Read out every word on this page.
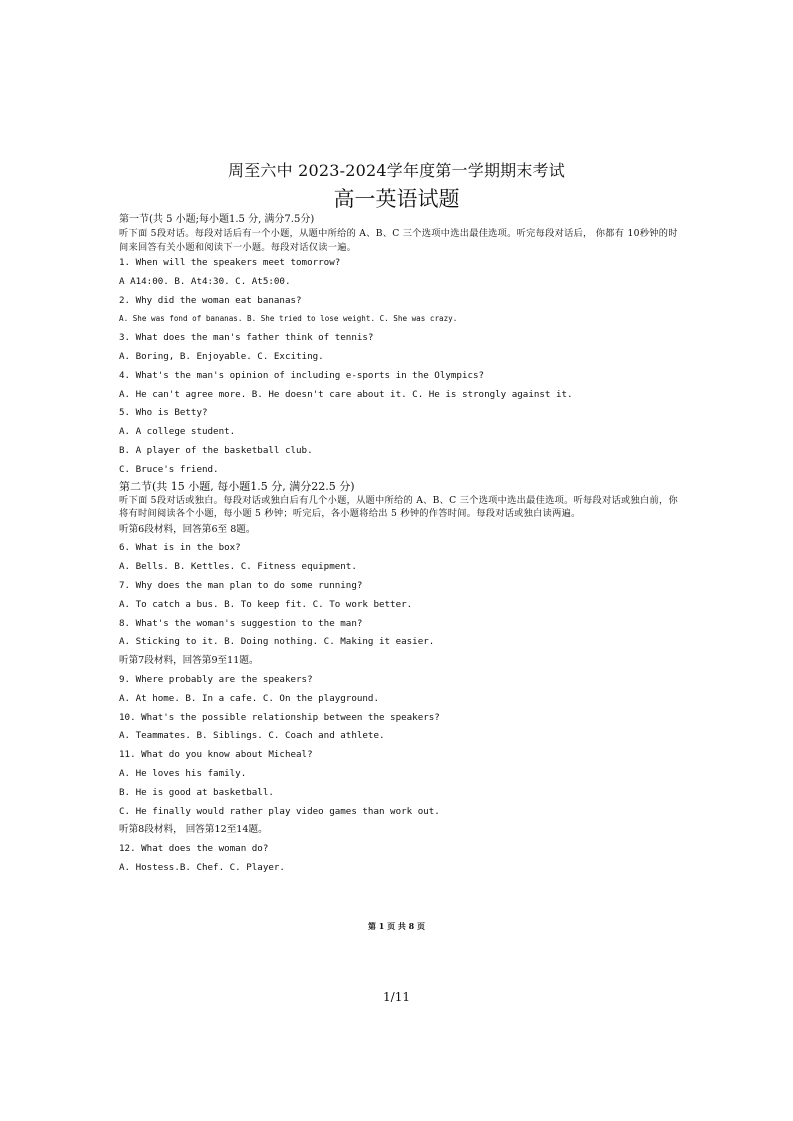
周至六中 2023-2024学年度第一学期期末考试
高一英语试题

第一节(共 5 小题;每小题1.5 分, 满分7.5分)

听下面 5段对话。每段对话后有一个小题，从题中所给的 A、B、C 三个选项中选出最佳选项。听完每段对话后， 你都有 10秒钟的时间来回答有关小题和阅读下一小题。每段对话仅读一遍。

1. When will the speakers meet tomorrow?

A A14:00. B. At4:30. C. At5:00.

2. Why did the woman eat bananas?

A. She was fond of bananas. B. She tried to lose weight. C. She was crazy.

3. What does the man's father think of tennis?

A. Boring, B. Enjoyable. C. Exciting.

4. What's the man's opinion of including e-sports in the Olympics?

A. He can't agree more. B. He doesn't care about it. C. He is strongly against it.

5. Who is Betty?

A. A college student.

B. A player of the basketball club.

C. Bruce's friend.

第二节(共 15 小题, 每小题1.5 分, 满分22.5 分)

听下面 5段对话或独白。每段对话或独白后有几个小题，从题中所给的 A、B、C 三个选项中选出最佳选项。听每段对话或独白前，你将有时间阅读各个小题，每小题 5 秒钟；听完后，各小题将给出 5 秒钟的作答时间。每段对话或独白读两遍。

听第6段材料，回答第6至 8题。

6. What is in the box?

A. Bells. B. Kettles. C. Fitness equipment.

7. Why does the man plan to do some running?

A. To catch a bus. B. To keep fit. C. To work better.

8. What's the woman's suggestion to the man?

A. Sticking to it. B. Doing nothing. C. Making it easier.

听第7段材料，回答第9至11题。

9. Where probably are the speakers?

A. At home. B. In a cafe. C. On the playground.

10. What's the possible relationship between the speakers?

A. Teammates. B. Siblings. C. Coach and athlete.

11. What do you know about Micheal?

A. He loves his family.

B. He is good at basketball.

C. He finally would rather play video games than work out.

听第8段材料， 回答第12至14题。

12. What does the woman do?

A. Hostess.B. Chef. C. Player.

第 1 页 共 8 页
1/11
